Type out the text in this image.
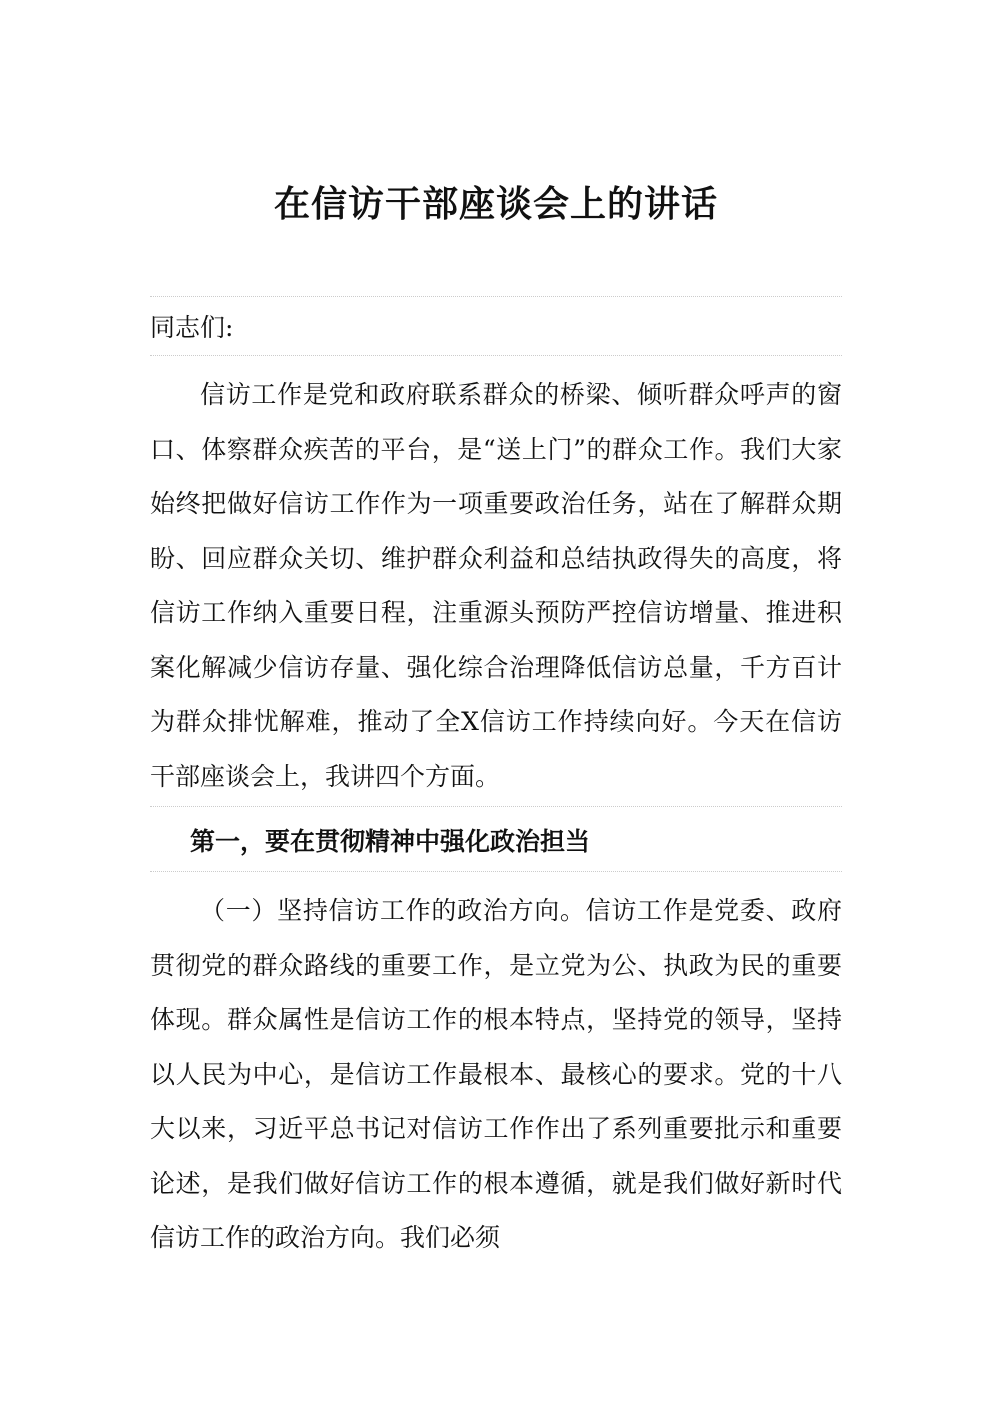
在信访干部座谈会上的讲话

同志们:

信访工作是党和政府联系群众的桥梁、倾听群众呼声的窗口、体察群众疾苦的平台，是“送上门”的群众工作。我们大家始终把做好信访工作作为一项重要政治任务，站在了解群众期盼、回应群众关切、维护群众利益和总结执政得失的高度，将信访工作纳入重要日程，注重源头预防严控信访增量、推进积案化解减少信访存量、强化综合治理降低信访总量，千方百计为群众排忧解难，推动了全X信访工作持续向好。今天在信访干部座谈会上，我讲四个方面。

第一，要在贯彻精神中强化政治担当

（一）坚持信访工作的政治方向。信访工作是党委、政府贯彻党的群众路线的重要工作，是立党为公、执政为民的重要体现。群众属性是信访工作的根本特点，坚持党的领导，坚持以人民为中心，是信访工作最根本、最核心的要求。党的十八大以来，习近平总书记对信访工作作出了系列重要批示和重要论述，是我们做好信访工作的根本遵循，就是我们做好新时代信访工作的政治方向。我们必须
